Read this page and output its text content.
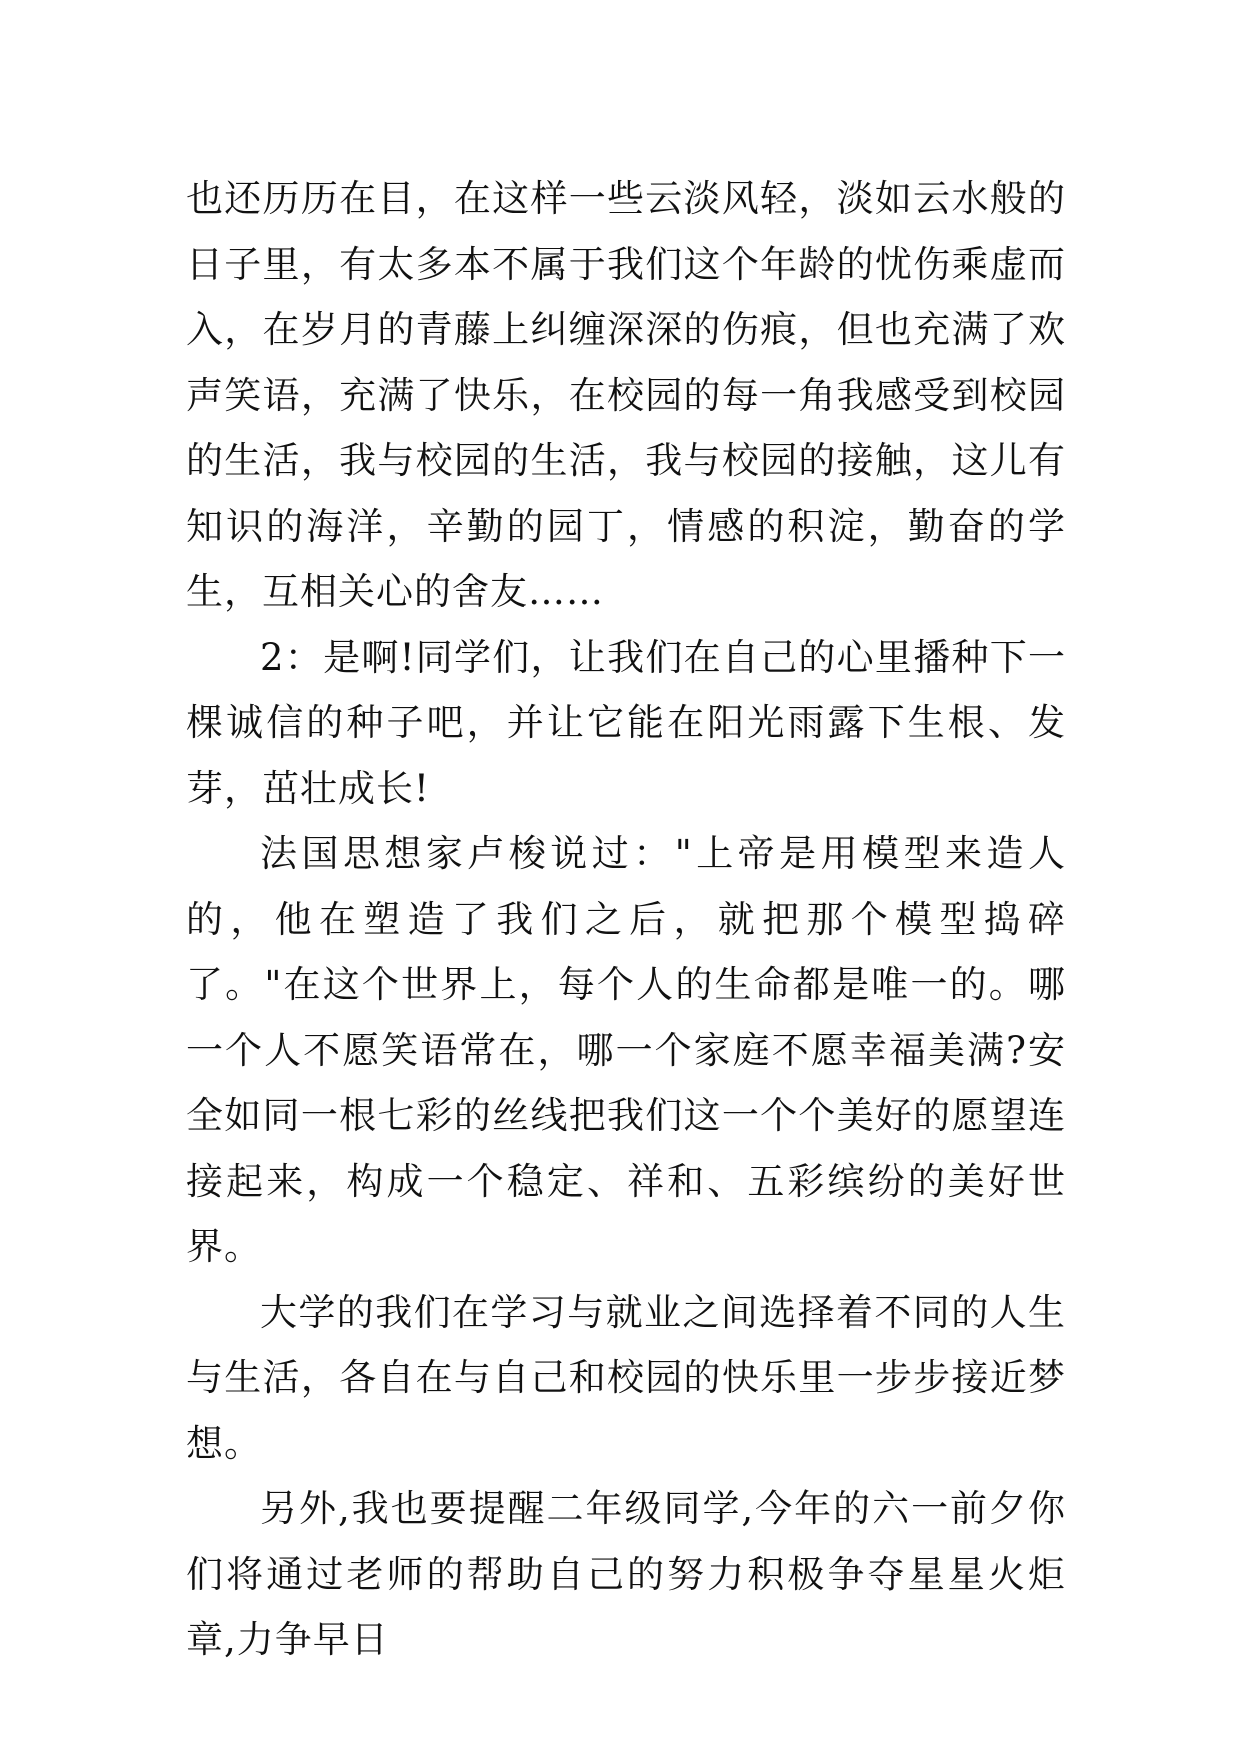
也还历历在目，在这样一些云淡风轻，淡如云水般的日子里，有太多本不属于我们这个年龄的忧伤乘虚而入，在岁月的青藤上纠缠深深的伤痕，但也充满了欢声笑语，充满了快乐，在校园的每一角我感受到校园的生活，我与校园的生活，我与校园的接触，这儿有知识的海洋，辛勤的园丁，情感的积淀，勤奋的学生，互相关心的舍友……

2：是啊!同学们，让我们在自己的心里播种下一棵诚信的种子吧，并让它能在阳光雨露下生根、发芽，茁壮成长!

法国思想家卢梭说过："上帝是用模型来造人的，他在塑造了我们之后，就把那个模型捣碎了。"在这个世界上，每个人的生命都是唯一的。哪一个人不愿笑语常在，哪一个家庭不愿幸福美满?安全如同一根七彩的丝线把我们这一个个美好的愿望连接起来，构成一个稳定、祥和、五彩缤纷的美好世界。

大学的我们在学习与就业之间选择着不同的人生与生活，各自在与自己和校园的快乐里一步步接近梦想。

另外,我也要提醒二年级同学,今年的六一前夕你们将通过老师的帮助自己的努力积极争夺星星火炬章,力争早日
